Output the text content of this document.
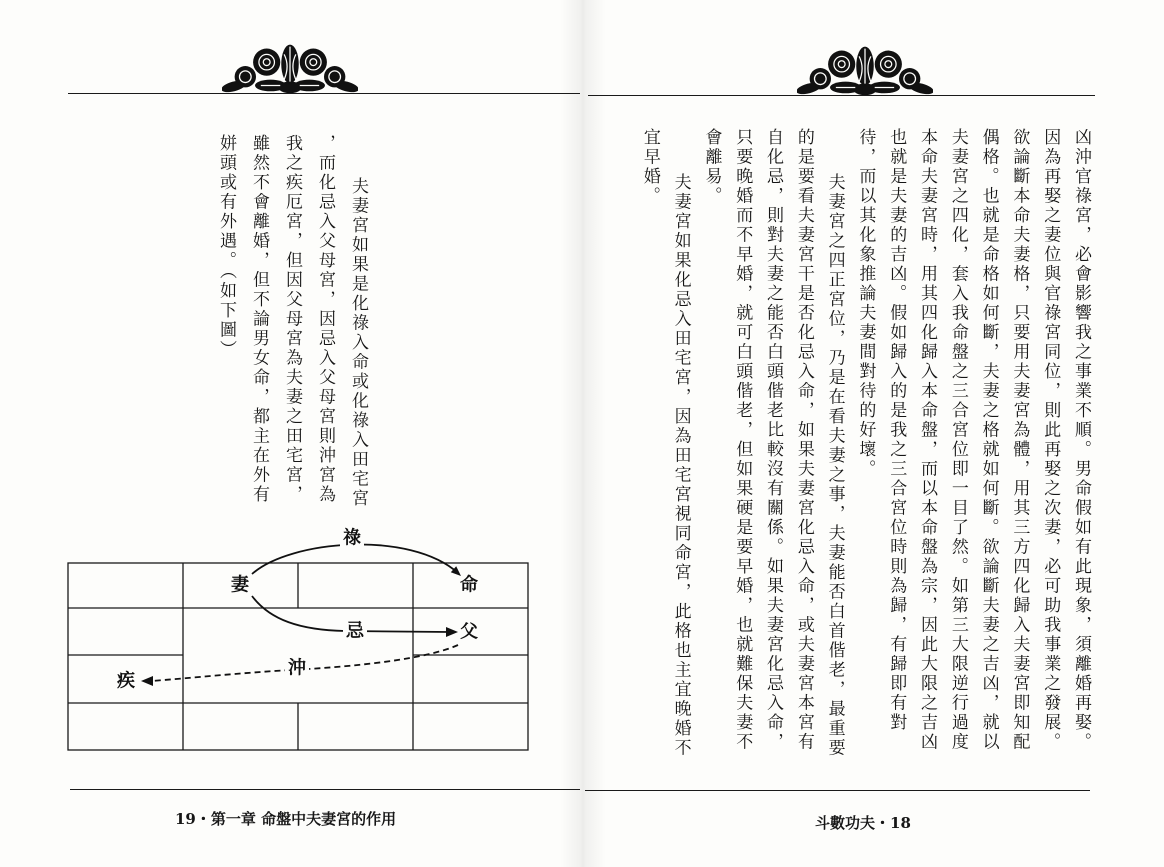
凶沖官祿宮，必會影響我之事業不順。男命假如有此現象，須離婚再娶。
因為再娶之妻位與官祿宮同位，則此再娶之次妻，必可助我事業之發展。
欲論斷本命夫妻格，只要用夫妻宮為體，用其三方四化歸入夫妻宮即知配
偶格。也就是命格如何斷，夫妻之格就如何斷。欲論斷夫妻之吉凶，就以
夫妻宮之四化，套入我命盤之三合宮位即一目了然。如第三大限逆行過度
本命夫妻宮時，用其四化歸入本命盤，而以本命盤為宗，因此大限之吉凶
也就是夫妻的吉凶。假如歸入的是我之三合宮位時則為歸，有歸即有對
待，而以其化象推論夫妻間對待的好壞。
夫妻宮之四正宮位，乃是在看夫妻之事，夫妻能否白首偕老，最重要
的是要看夫妻宮干是否化忌入命，如果夫妻宮化忌入命，或夫妻宮本宮有
自化忌，則對夫妻之能否白頭偕老比較沒有關係。如果夫妻宮化忌入命，
只要晚婚而不早婚，就可白頭偕老，但如果硬是要早婚，也就難保夫妻不
會離易。
夫妻宮如果化忌入田宅宮，因為田宅宮視同命宮，此格也主宜晚婚不
宜早婚。
夫妻宮如果是化祿入命或化祿入田宅宮
，而化忌入父母宮，因忌入父母宮則沖宮為
我之疾厄宮，但因父母宮為夫妻之田宅宮，
雖然不會離婚，但不論男女命，都主在外有
姘頭或有外遇。（如下圖）
祿
忌
沖
妻	命
父
疾
19・第一章 命盤中夫妻宮的作用	斗數功夫・18
